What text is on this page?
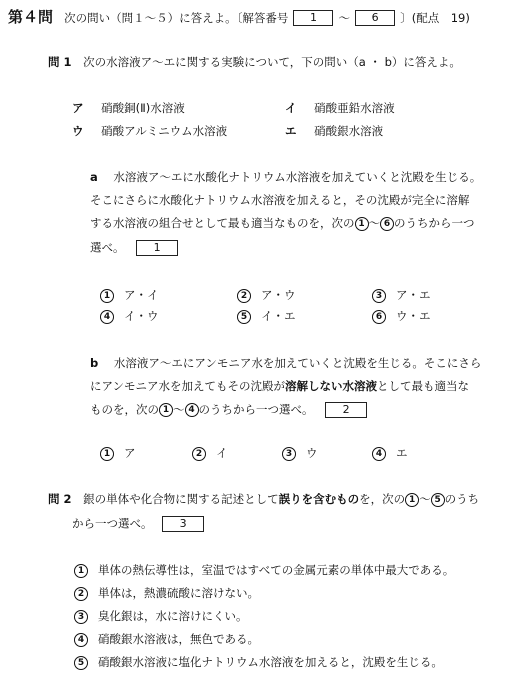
第４問 次の問い（問１～５）に答えよ。〔解答番号 1 ～ 6 〕(配点　19)
問 1 次の水溶液ア～エに関する実験について，下の問い（a ・ b）に答えよ。
ア 硝酸銅(Ⅱ)水溶液	イ 硝酸亜鉛水溶液
ウ 硝酸アルミニウム水溶液	エ 硝酸銀水溶液
a 水溶液ア～エに水酸化ナトリウム水溶液を加えていくと沈殿を生じる。
そこにさらに水酸化ナトリウム水溶液を加えると，その沈殿が完全に溶解
する水溶液の組合せとして最も適当なものを，次の 1 ～ 6 のうちから一つ
選べ。	1
1 ア・イ	2 ア・ウ	3 ア・エ
4 イ・ウ	5 イ・エ	6 ウ・エ
b 水溶液ア～エにアンモニア水を加えていくと沈殿を生じる。そこにさら
にアンモニア水を加えてもその沈殿が溶解しない水溶液として最も適当な
ものを，次の 1 ～ 4 のうちから一つ選べ。	2
1 ア	2 イ	3 ウ	4 エ
問 2 銀の単体や化合物に関する記述として誤りを含むものを，次の 1 ～ 5 のうち
から一つ選べ。 3
1 単体の熱伝導性は，室温ではすべての金属元素の単体中最大である。
2 単体は，熱濃硫酸に溶けない。
3 臭化銀は，水に溶けにくい。
4 硝酸銀水溶液は，無色である。
5 硝酸銀水溶液に塩化ナトリウム水溶液を加えると，沈殿を生じる。
